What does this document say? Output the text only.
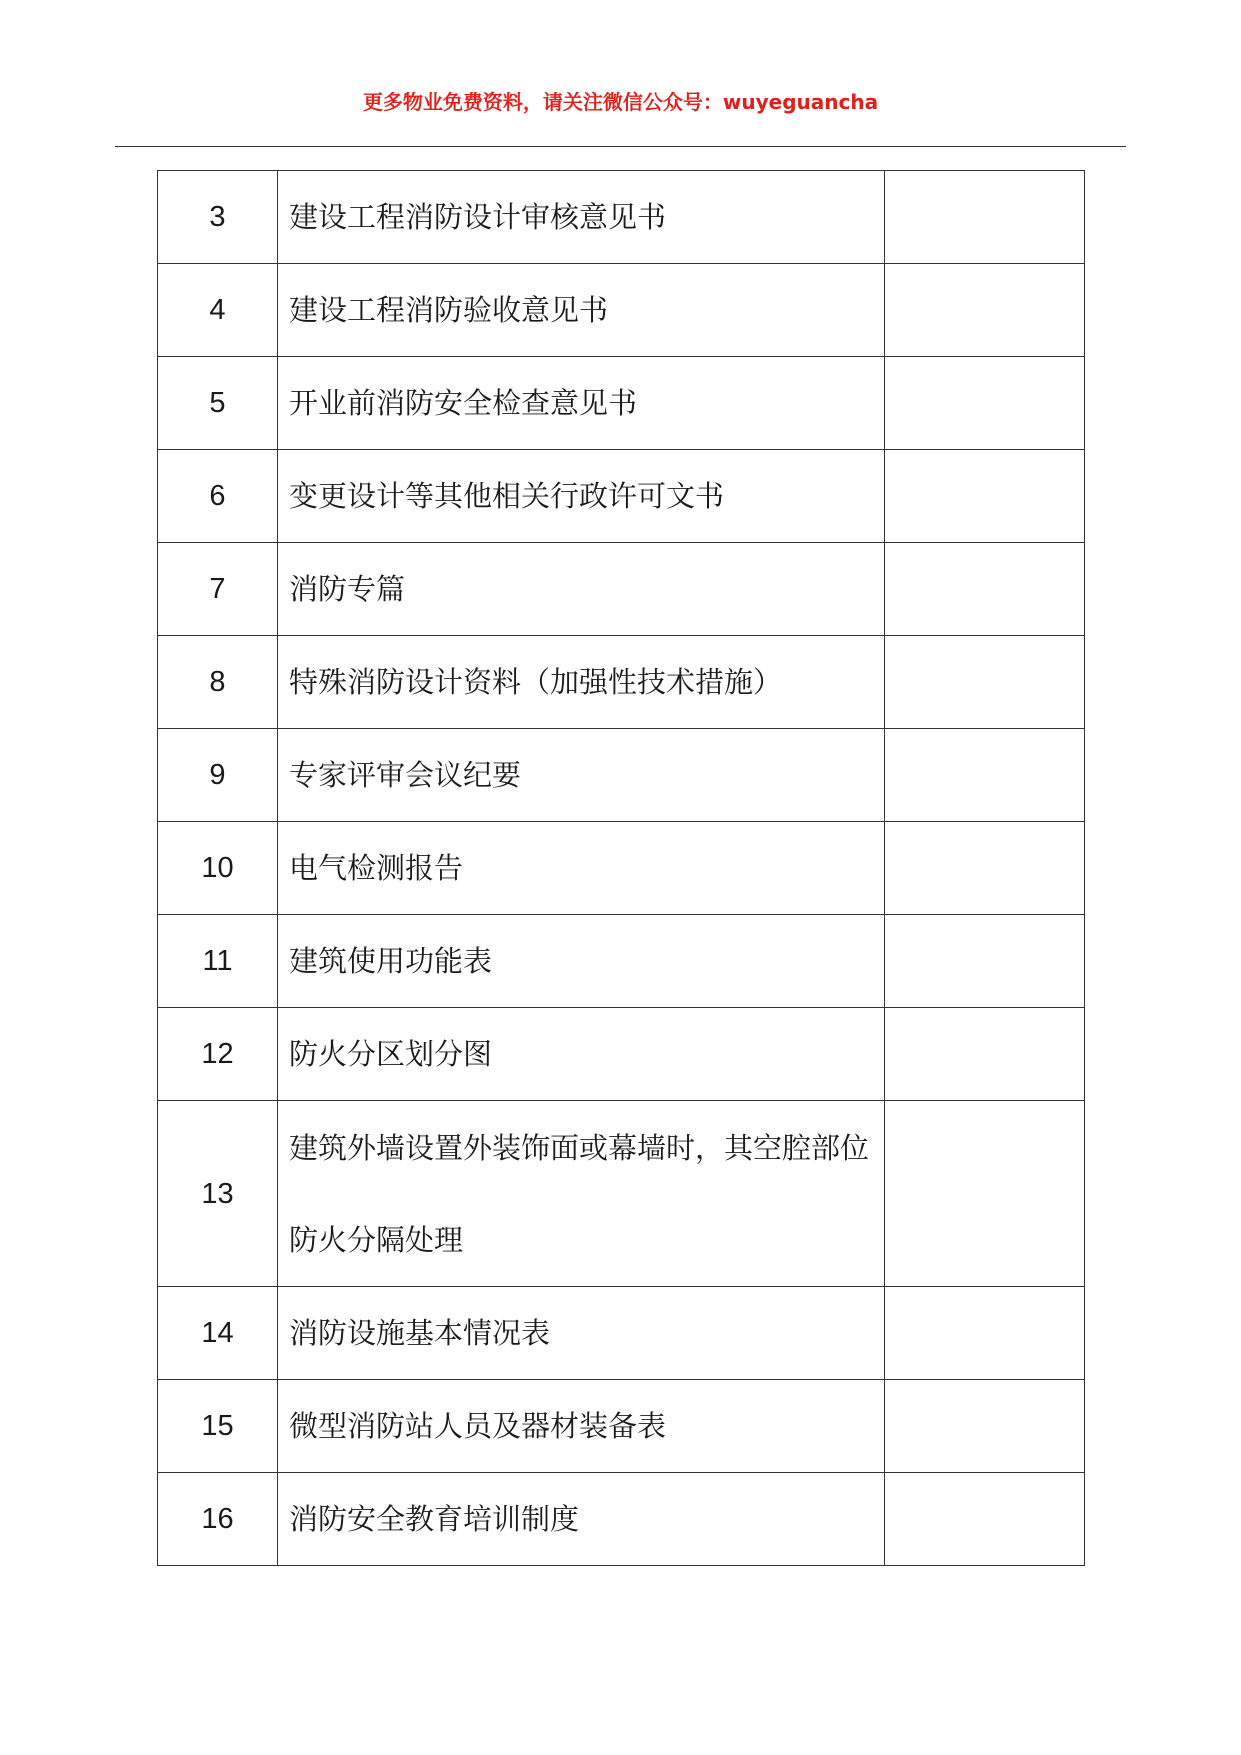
更多物业免费资料，请关注微信公众号：wuyeguancha
3	建设工程消防设计审核意见书	
4	建设工程消防验收意见书	
5	开业前消防安全检查意见书	
6	变更设计等其他相关行政许可文书	
7	消防专篇	
8	特殊消防设计资料（加强性技术措施）	
9	专家评审会议纪要	
10	电气检测报告	
11	建筑使用功能表	
12	防火分区划分图	
13	建筑外墙设置外装饰面或幕墙时，其空腔部位防火分隔处理	
14	消防设施基本情况表	
15	微型消防站人员及器材装备表	
16	消防安全教育培训制度	
